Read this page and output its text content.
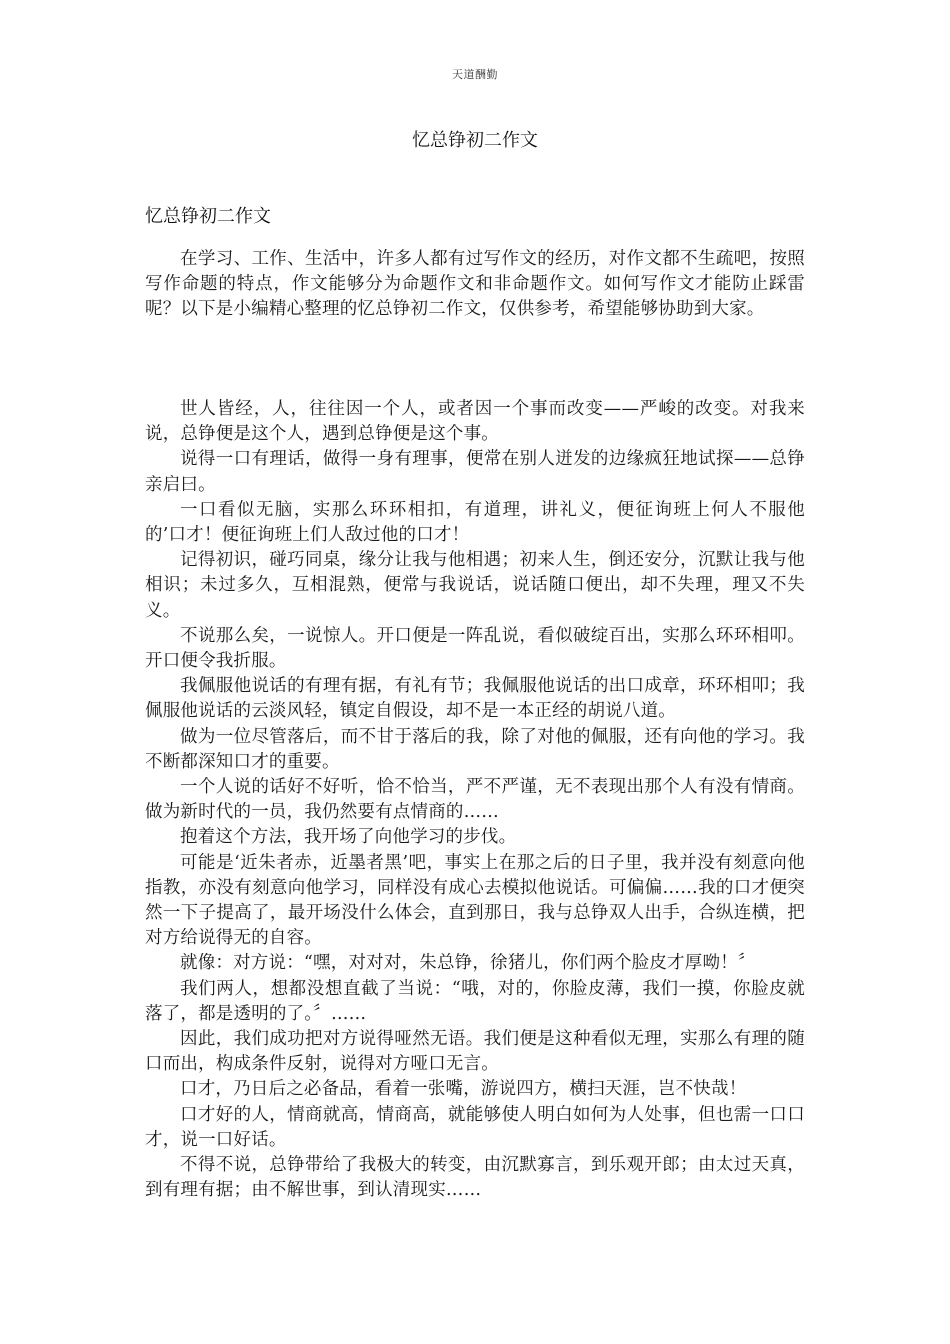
天道酬勤
忆总铮初二作文
忆总铮初二作文

在学习、工作、生活中，许多人都有过写作文的经历，对作文都不生疏吧，按照写作命题的特点，作文能够分为命题作文和非命题作文。如何写作文才能防止踩雷呢？以下是小编精心整理的忆总铮初二作文，仅供参考，希望能够协助到大家。

世人皆经，人，往往因一个人，或者因一个事而改变——严峻的改变。对我来说，总铮便是这个人，遇到总铮便是这个事。

说得一口有理话，做得一身有理事，便常在别人迸发的边缘疯狂地试探——总铮亲启曰。

一口看似无脑，实那么环环相扣，有道理，讲礼义，便征询班上何人不服他的’口才！便征询班上们人敌过他的口才！

记得初识，碰巧同桌，缘分让我与他相遇；初来人生，倒还安分，沉默让我与他相识；未过多久，互相混熟，便常与我说话，说话随口便出，却不失理，理又不失义。

不说那么矣，一说惊人。开口便是一阵乱说，看似破绽百出，实那么环环相叩。开口便令我折服。

我佩服他说话的有理有据，有礼有节；我佩服他说话的出口成章，环环相叩；我佩服他说话的云淡风轻，镇定自假设，却不是一本正经的胡说八道。

做为一位尽管落后，而不甘于落后的我，除了对他的佩服，还有向他的学习。我不断都深知口才的重要。

一个人说的话好不好听，恰不恰当，严不严谨，无不表现出那个人有没有情商。做为新时代的一员，我仍然要有点情商的……

抱着这个方法，我开场了向他学习的步伐。

可能是‘近朱者赤，近墨者黑’吧，事实上在那之后的日子里，我并没有刻意向他指教，亦没有刻意向他学习，同样没有成心去模拟他说话。可偏偏……我的口才便突然一下子提高了，最开场没什么体会，直到那日，我与总铮双人出手，合纵连横，把对方给说得无的自容。

就像：对方说：“嘿，对对对，朱总铮，徐猪儿，你们两个脸皮才厚呦！〞

我们两人，想都没想直截了当说：“哦，对的，你脸皮薄，我们一摸，你脸皮就落了，都是透明的了。〞……

因此，我们成功把对方说得哑然无语。我们便是这种看似无理，实那么有理的随口而出，构成条件反射，说得对方哑口无言。

口才，乃日后之必备品，看着一张嘴，游说四方，横扫天涯，岂不快哉！

口才好的人，情商就高，情商高，就能够使人明白如何为人处事，但也需一口口才，说一口好话。

不得不说，总铮带给了我极大的转变，由沉默寡言，到乐观开郎；由太过天真，到有理有据；由不解世事，到认清现实……
